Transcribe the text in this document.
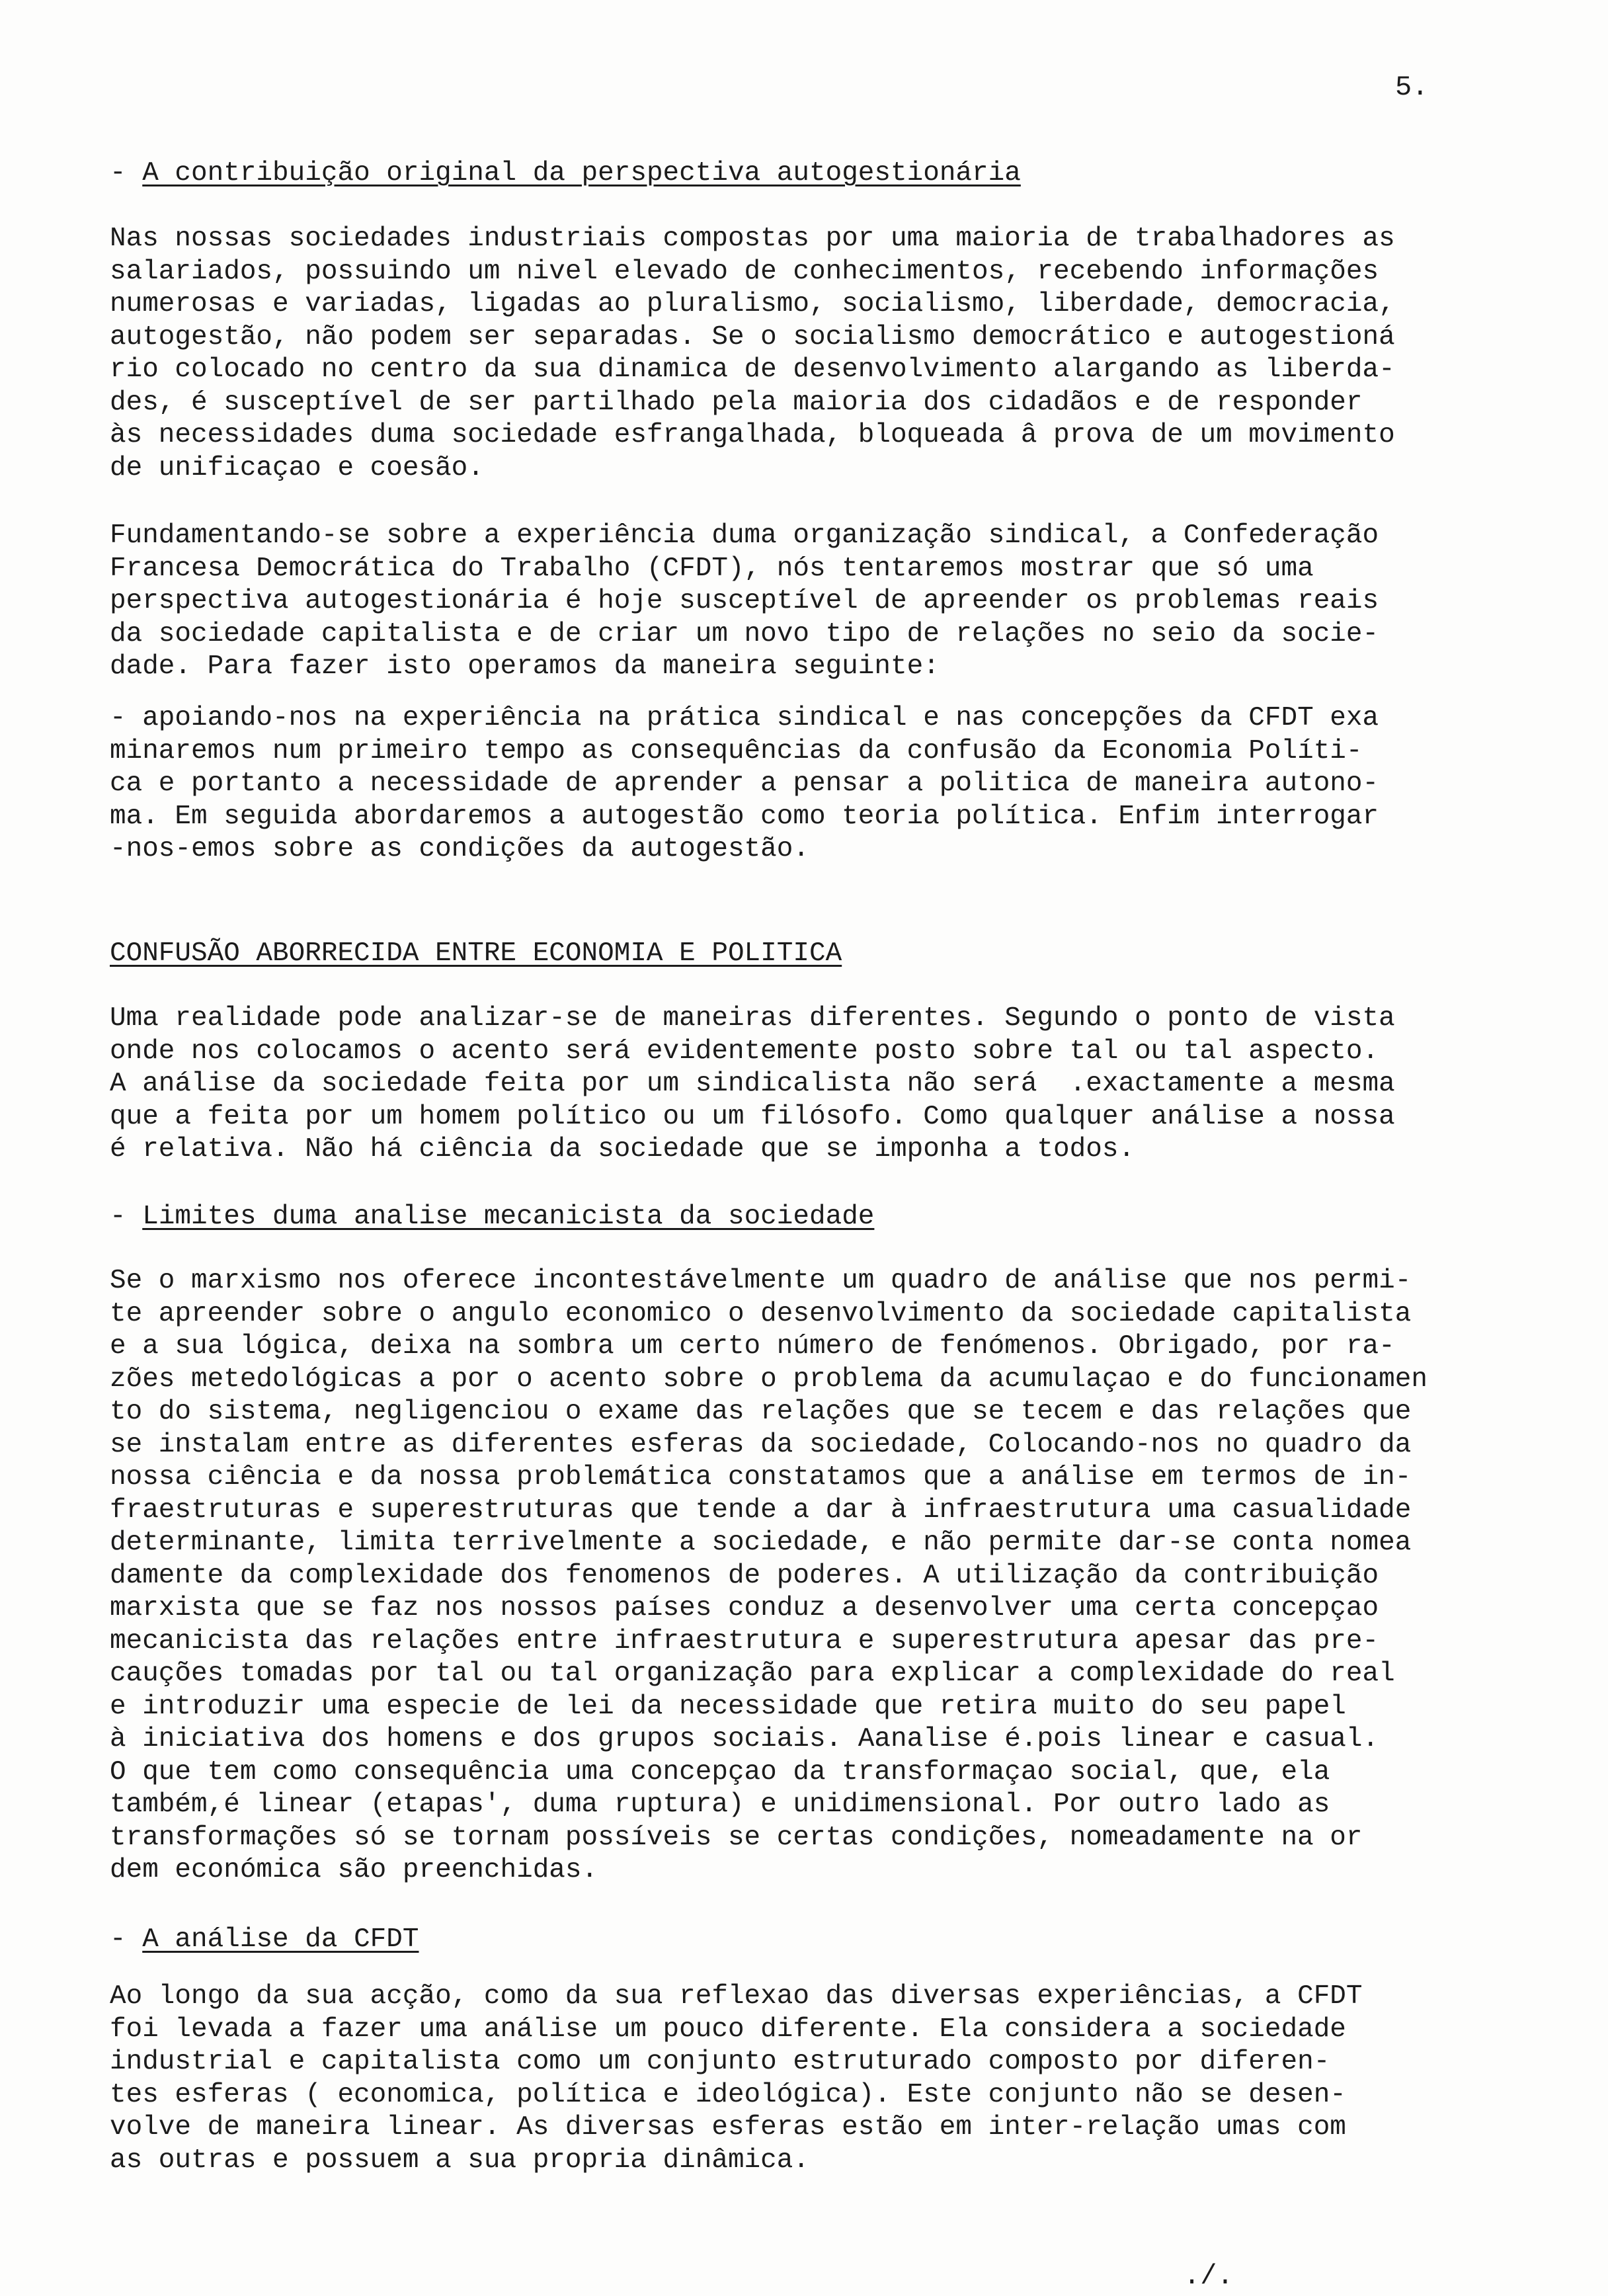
5.
- A contribuição original da perspectiva autogestionária
Nas nossas sociedades industriais compostas por uma maioria de trabalhadores as
salariados, possuindo um nivel elevado de conhecimentos, recebendo informações
numerosas e variadas, ligadas ao pluralismo, socialismo, liberdade, democracia,
autogestão, não podem ser separadas. Se o socialismo democrático e autogestioná
rio colocado no centro da sua dinamica de desenvolvimento alargando as liberda-
des, é susceptível de ser partilhado pela maioria dos cidadãos e de responder
às necessidades duma sociedade esfrangalhada, bloqueada â prova de um movimento
de unificaçao e coesão.
Fundamentando-se sobre a experiência duma organização sindical, a Confederação
Francesa Democrática do Trabalho (CFDT), nós tentaremos mostrar que só uma
perspectiva autogestionária é hoje susceptível de apreender os problemas reais
da sociedade capitalista e de criar um novo tipo de relações no seio da socie-
dade. Para fazer isto operamos da maneira seguinte:
- apoiando-nos na experiência na prática sindical e nas concepções da CFDT exa
minaremos num primeiro tempo as consequências da confusão da Economia Políti-
ca e portanto a necessidade de aprender a pensar a politica de maneira autono-
ma. Em seguida abordaremos a autogestão como teoria política. Enfim interrogar
-nos-emos sobre as condições da autogestão.
CONFUSÃO ABORRECIDA ENTRE ECONOMIA E POLITICA
Uma realidade pode analizar-se de maneiras diferentes. Segundo o ponto de vista
onde nos colocamos o acento será evidentemente posto sobre tal ou tal aspecto.
A análise da sociedade feita por um sindicalista não será  .exactamente a mesma
que a feita por um homem político ou um filósofo. Como qualquer análise a nossa
é relativa. Não há ciência da sociedade que se imponha a todos.
- Limites duma analise mecanicista da sociedade
Se o marxismo nos oferece incontestávelmente um quadro de análise que nos permi-
te apreender sobre o angulo economico o desenvolvimento da sociedade capitalista
e a sua lógica, deixa na sombra um certo número de fenómenos. Obrigado, por ra-
zões metedológicas a por o acento sobre o problema da acumulaçao e do funcionamen
to do sistema, negligenciou o exame das relações que se tecem e das relações que
se instalam entre as diferentes esferas da sociedade, Colocando-nos no quadro da
nossa ciência e da nossa problemática constatamos que a análise em termos de in-
fraestruturas e superestruturas que tende a dar à infraestrutura uma casualidade
determinante, limita terrivelmente a sociedade, e não permite dar-se conta nomea
damente da complexidade dos fenomenos de poderes. A utilização da contribuição
marxista que se faz nos nossos países conduz a desenvolver uma certa concepçao
mecanicista das relações entre infraestrutura e superestrutura apesar das pre-
cauções tomadas por tal ou tal organização para explicar a complexidade do real
e introduzir uma especie de lei da necessidade que retira muito do seu papel
à iniciativa dos homens e dos grupos sociais. Aanalise é.pois linear e casual.
O que tem como consequência uma concepçao da transformaçao social, que, ela
também,é linear (etapas', duma ruptura) e unidimensional. Por outro lado as
transformações só se tornam possíveis se certas condições, nomeadamente na or
dem económica são preenchidas.
- A análise da CFDT
Ao longo da sua acção, como da sua reflexao das diversas experiências, a CFDT
foi levada a fazer uma análise um pouco diferente. Ela considera a sociedade
industrial e capitalista como um conjunto estruturado composto por diferen-
tes esferas ( economica, política e ideológica). Este conjunto não se desen-
volve de maneira linear. As diversas esferas estão em inter-relação umas com
as outras e possuem a sua propria dinâmica.
./.
